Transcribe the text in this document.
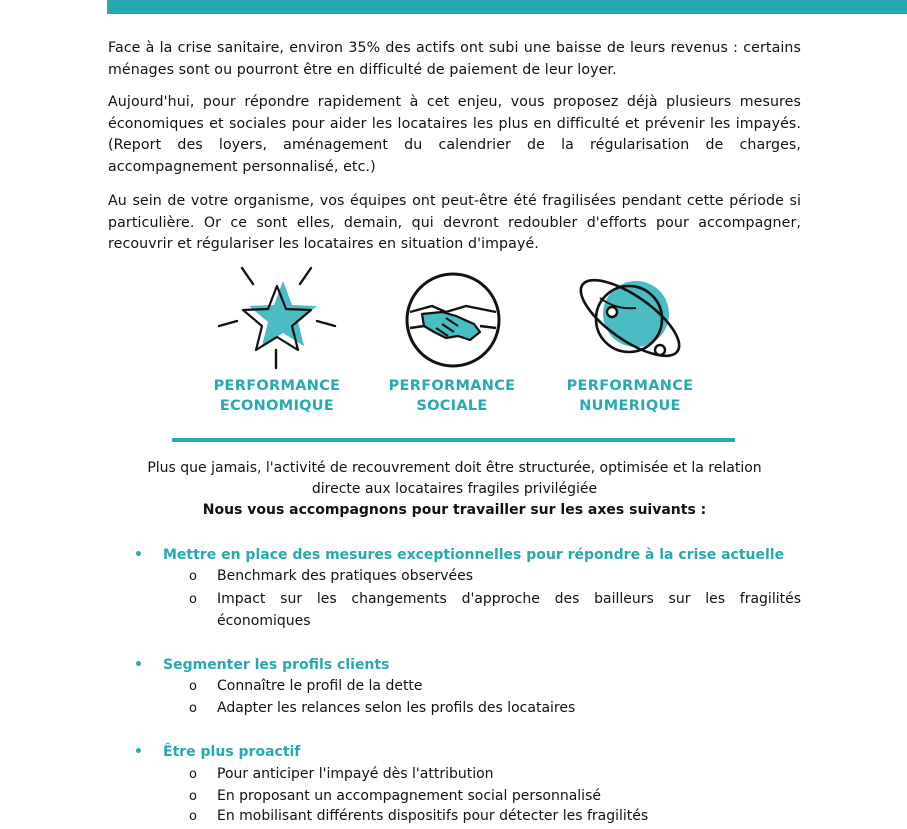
Face à la crise sanitaire, environ 35% des actifs ont subi une baisse de leurs revenus : certains ménages sont ou pourront être en difficulté de paiement de leur loyer.

Aujourd'hui, pour répondre rapidement à cet enjeu, vous proposez déjà plusieurs mesures économiques et sociales pour aider les locataires les plus en difficulté et prévenir les impayés. (Report des loyers, aménagement du calendrier de la régularisation de charges, accompagnement personnalisé, etc.)

Au sein de votre organisme, vos équipes ont peut-être été fragilisées pendant cette période si particulière. Or ce sont elles, demain, qui devront redoubler d'efforts pour accompagner, recouvrir et régulariser les locataires en situation d'impayé.

PERFORMANCE
ECONOMIQUE
PERFORMANCE
SOCIALE
PERFORMANCE
NUMERIQUE

Plus que jamais, l'activité de recouvrement doit être structurée, optimisée et la relation

directe aux locataires fragiles privilégiée

Nous vous accompagnons pour travailler sur les axes suivants :

•	Mettre en place des mesures exceptionnelles pour répondre à la crise actuelle
o Benchmark des pratiques observées
o Impact sur les changements d'approche des bailleurs sur les fragilités économiques
•	Segmenter les profils clients
o Connaître le profil de la dette
o Adapter les relances selon les profils des locataires
•	Être plus proactif
o Pour anticiper l'impayé dès l'attribution
o En proposant un accompagnement social personnalisé
o En mobilisant différents dispositifs pour détecter les fragilités
